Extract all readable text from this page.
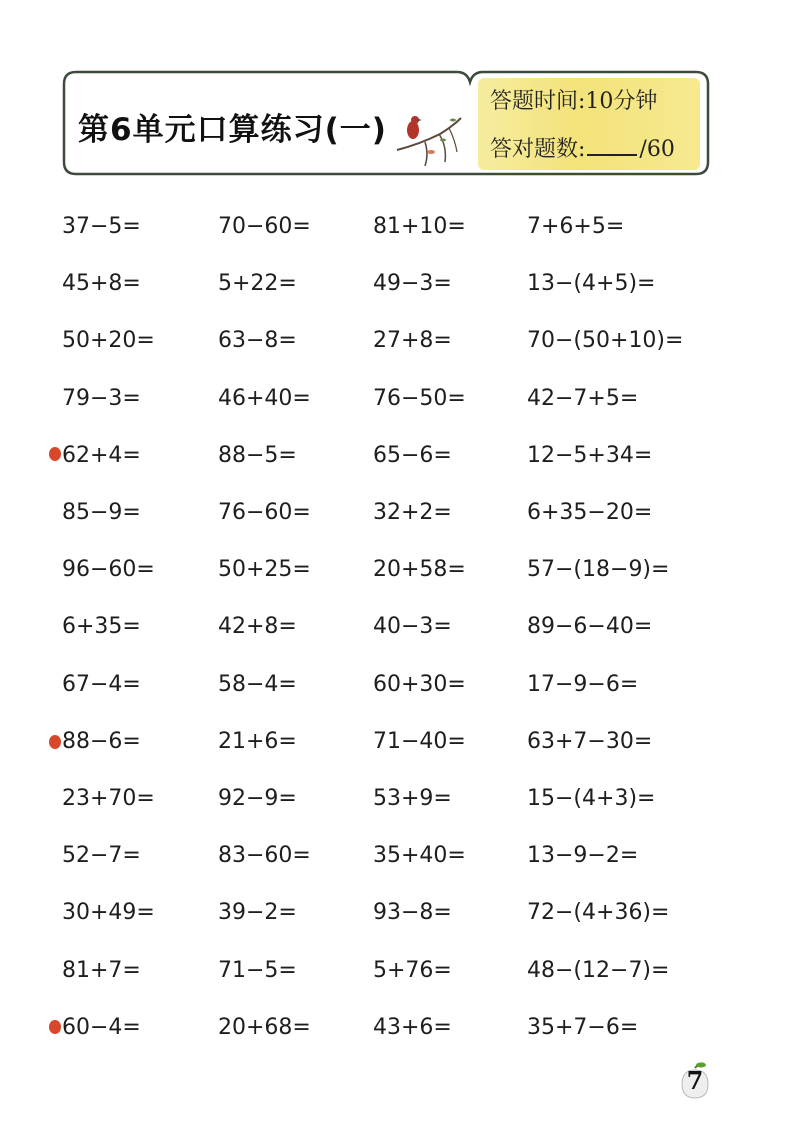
第6单元口算练习(一)
答题时间:10分钟
答对题数: /60
37−5=
45+8=
50+20=
79−3=
62+4=
85−9=
96−60=
6+35=
67−4=
88−6=
23+70=
52−7=
30+49=
81+7=
60−4=
70−60=
5+22=
63−8=
46+40=
88−5=
76−60=
50+25=
42+8=
58−4=
21+6=
92−9=
83−60=
39−2=
71−5=
20+68=
81+10=
49−3=
27+8=
76−50=
65−6=
32+2=
20+58=
40−3=
60+30=
71−40=
53+9=
35+40=
93−8=
5+76=
43+6=
7+6+5=
13−(4+5)=
70−(50+10)=
42−7+5=
12−5+34=
6+35−20=
57−(18−9)=
89−6−40=
17−9−6=
63+7−30=
15−(4+3)=
13−9−2=
72−(4+36)=
48−(12−7)=
35+7−6=
7
